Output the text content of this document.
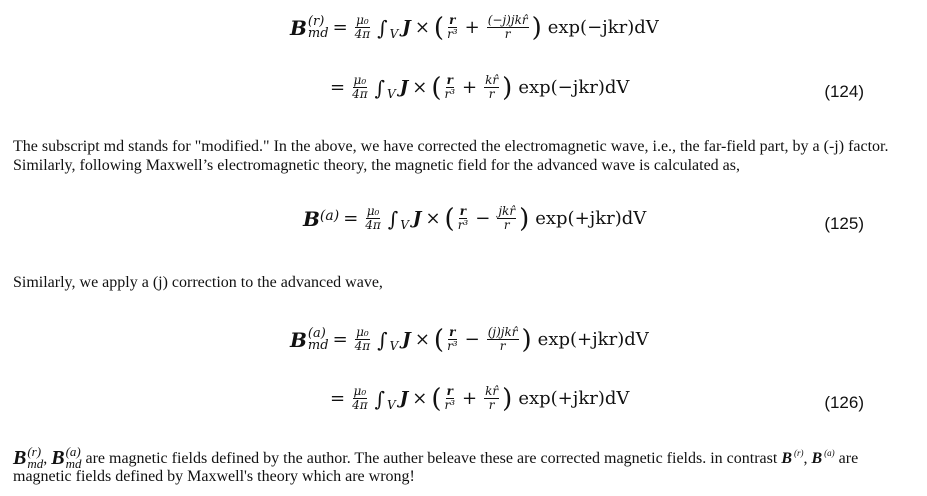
B (r)
md = $\frac{\text{μ₀}}{4\pi}$ ∫ V J × ( $\frac{r}{\text{r³}} + \frac{\text{(−j)jkr̂}}{r}$ ) exp(−jkr)dV
= $\frac{\text{μ₀}}{4\pi}$ ∫ V J × ( $\frac{r}{\text{r³}} + \frac{kr̂}{r}$ ) exp(−jkr)dV	(124)
The subscript md stands for "modified." In the above, we have corrected the electromagnetic wave, i.e., the far-field part, by a (-j) factor.
Similarly, following Maxwell’s electromagnetic theory, the magnetic field for the advanced wave is calculated as,
B $(a) = \frac{\text{μ₀}}{4\pi}$ ∫ V J × ( $\frac{r}{\text{r³}} - \frac{\text{jkr̂}}{r}$ ) exp(+jkr)dV	(125)
Similarly, we apply a (j) correction to the advanced wave,
B (a)
md = $\frac{\text{μ₀}}{4\pi}$ ∫ V J × ( $\frac{r}{\text{r³}} - \frac{\text{(j)jkr̂}}{r}$ ) exp(+jkr)dV
= $\frac{\text{μ₀}}{4\pi}$ ∫ V J × ( $\frac{r}{\text{r³}} + \frac{kr̂}{r}$ ) exp(+jkr)dV	(126)
B (r)
md , B (a)
md are magnetic fields defined by the author. The auther beleave these are corrected magnetic fields. in contrast B (r) , B (a) are
magnetic fields defined by Maxwell's theory which are wrong!
